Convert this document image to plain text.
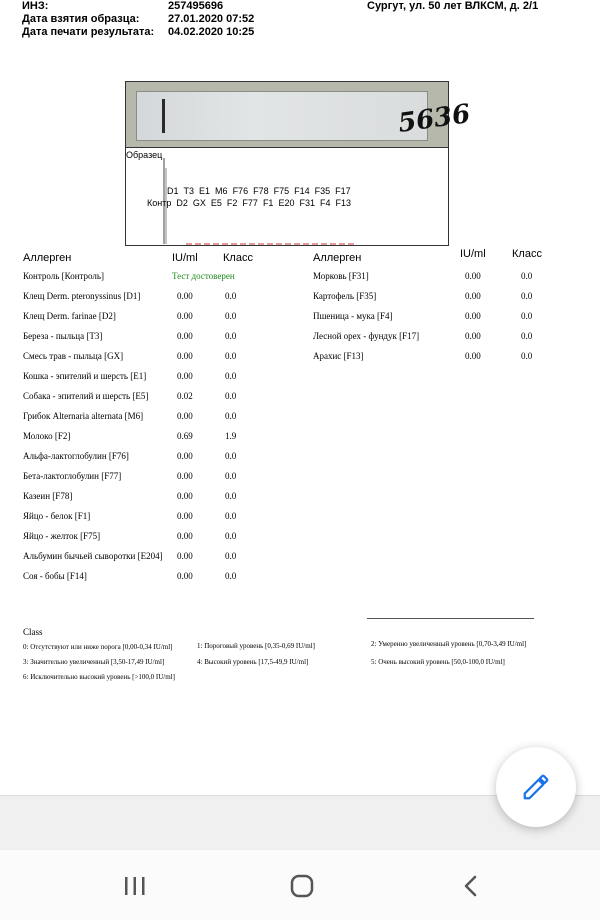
ИНЗ:	257495696	Сургут, ул. 50 лет ВЛКСМ, д. 2/1
Дата взятия образца:	27.01.2020 07:52
Дата печати результата: 04.02.2020 10:25
5636
Образец
D1 T3 E1 M6 F76 F78 F75 F14 F35 F17
Контр D2 GX E5 F2 F77 F1 E20 F31 F4 F13
Аллерген	IU/ml Класс	Аллерген	IU/ml Класс
Контроль [Контроль]	Тест достоверен
Клещ Derm. pteronyssinus [D1]	0.00	0.0
Клещ Derm. farinae [D2]	0.00	0.0
Береза - пыльца [T3]	0.00	0.0
Смесь трав - пыльца [GX]	0.00	0.0
Кошка - эпителий и шерсть [E1]	0.00	0.0
Собака - эпителий и шерсть [E5]	0.02	0.0
Грибок Alternaria alternata [M6]	0.00	0.0
Молоко [F2]	0.69	1.9
Альфа-лактоглобулин [F76]	0.00	0.0
Бета-лактоглобулин [F77]	0.00	0.0
Казеин [F78]	0.00	0.0
Яйцо - белок [F1]	0.00	0.0
Яйцо - желток [F75]	0.00	0.0
Альбумин бычьей сыворотки [E204] 0.00	0.0
Соя - бобы [F14]	0.00	0.0
Морковь [F31]	0.00	0.0
Картофель [F35]	0.00	0.0
Пшеница - мука [F4]	0.00	0.0
Лесной орех - фундук [F17]	0.00	0.0
Арахис [F13]	0.00	0.0
Class
0: Отсутствуют или ниже порога [0,00-0,34 IU/ml]	1: Пороговый уровень [0,35-0,69 IU/ml]	2: Умеренно увеличенный уровень [0,70-3,49 IU/ml]
3: Значительно увеличенный [3,50-17,49 IU/ml]	4: Высокий уровень [17,5-49,9 IU/ml]	5: Очень высокий уровень [50,0-100,0 IU/ml]
6: Исключительно высокий уровень [>100,0 IU/ml]
